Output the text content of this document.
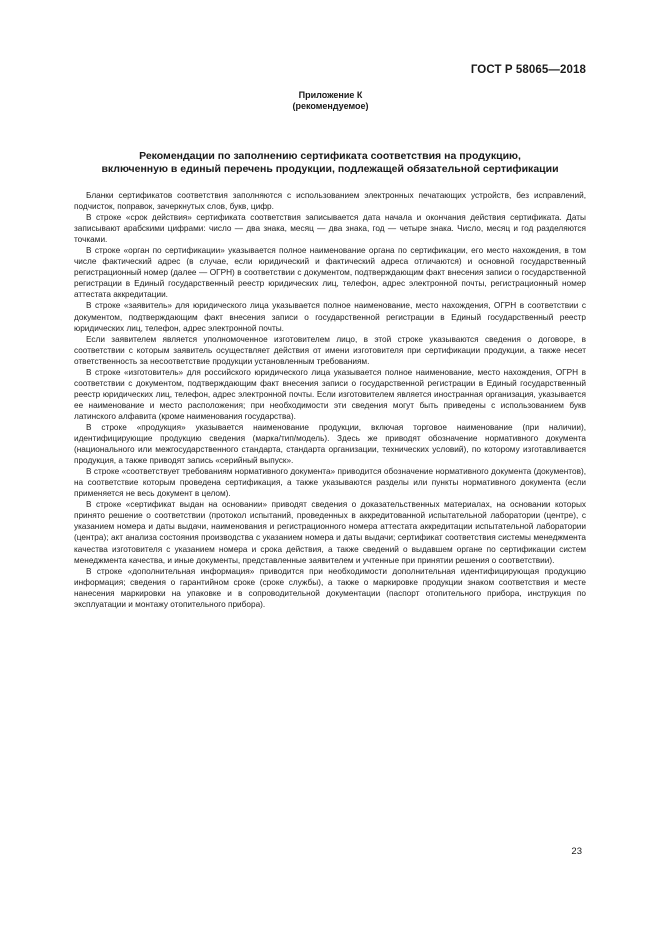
ГОСТ Р 58065—2018
Приложение К
(рекомендуемое)
Рекомендации по заполнению сертификата соответствия на продукцию,
включенную в единый перечень продукции, подлежащей обязательной сертификации

Бланки сертификатов соответствия заполняются с использованием электронных печатающих устройств, без исправлений, подчисток, поправок, зачеркнутых слов, букв, цифр.

В строке «срок действия» сертификата соответствия записывается дата начала и окончания действия сертификата. Даты записывают арабскими цифрами: число — два знака, месяц — два знака, год — четыре знака. Число, месяц и год разделяются точками.

В строке «орган по сертификации» указывается полное наименование органа по сертификации, его место нахождения, в том числе фактический адрес (в случае, если юридический и фактический адреса отличаются) и основной государственный регистрационный номер (далее — ОГРН) в соответствии с документом, подтверждающим факт внесения записи о государственной регистрации в Единый государственный реестр юридических лиц, телефон, адрес электронной почты, регистрационный номер аттестата аккредитации.

В строке «заявитель» для юридического лица указывается полное наименование, место нахождения, ОГРН в соответствии с документом, подтверждающим факт внесения записи о государственной регистрации в Единый государственный реестр юридических лиц, телефон, адрес электронной почты.

Если заявителем является уполномоченное изготовителем лицо, в этой строке указываются сведения о договоре, в соответствии с которым заявитель осуществляет действия от имени изготовителя при сертификации продукции, а также несет ответственность за несоответствие продукции установленным требованиям.

В строке «изготовитель» для российского юридического лица указывается полное наименование, место нахождения, ОГРН в соответствии с документом, подтверждающим факт внесения записи о государственной регистрации в Единый государственный реестр юридических лиц, телефон, адрес электронной почты. Если изготовителем является иностранная организация, указывается ее наименование и место расположения; при необходимости эти сведения могут быть приведены с использованием букв латинского алфавита (кроме наименования государства).

В строке «продукция» указывается наименование продукции, включая торговое наименование (при наличии), идентифицирующие продукцию сведения (марка/тип/модель). Здесь же приводят обозначение нормативного документа (национального или межгосударственного стандарта, стандарта организации, технических условий), по которому изготавливается продукция, а также приводят запись «серийный выпуск».

В строке «соответствует требованиям нормативного документа» приводится обозначение нормативного документа (документов), на соответствие которым проведена сертификация, а также указываются разделы или пункты нормативного документа (если применяется не весь документ в целом).

В строке «сертификат выдан на основании» приводят сведения о доказательственных материалах, на основании которых принято решение о соответствии (протокол испытаний, проведенных в аккредитованной испытательной лаборатории (центре), с указанием номера и даты выдачи, наименования и регистрационного номера аттестата аккредитации испытательной лаборатории (центра); акт анализа состояния производства с указанием номера и даты выдачи; сертификат соответствия системы менеджмента качества изготовителя с указанием номера и срока действия, а также сведений о выдавшем органе по сертификации систем менеджмента качества, и иные документы, представленные заявителем и учтенные при принятии решения о соответствии).

В строке «дополнительная информация» приводится при необходимости дополнительная идентифицирующая продукцию информация; сведения о гарантийном сроке (сроке службы), а также о маркировке продукции знаком соответствия и месте нанесения маркировки на упаковке и в сопроводительной документации (паспорт отопительного прибора, инструкция по эксплуатации и монтажу отопительного прибора).

23
